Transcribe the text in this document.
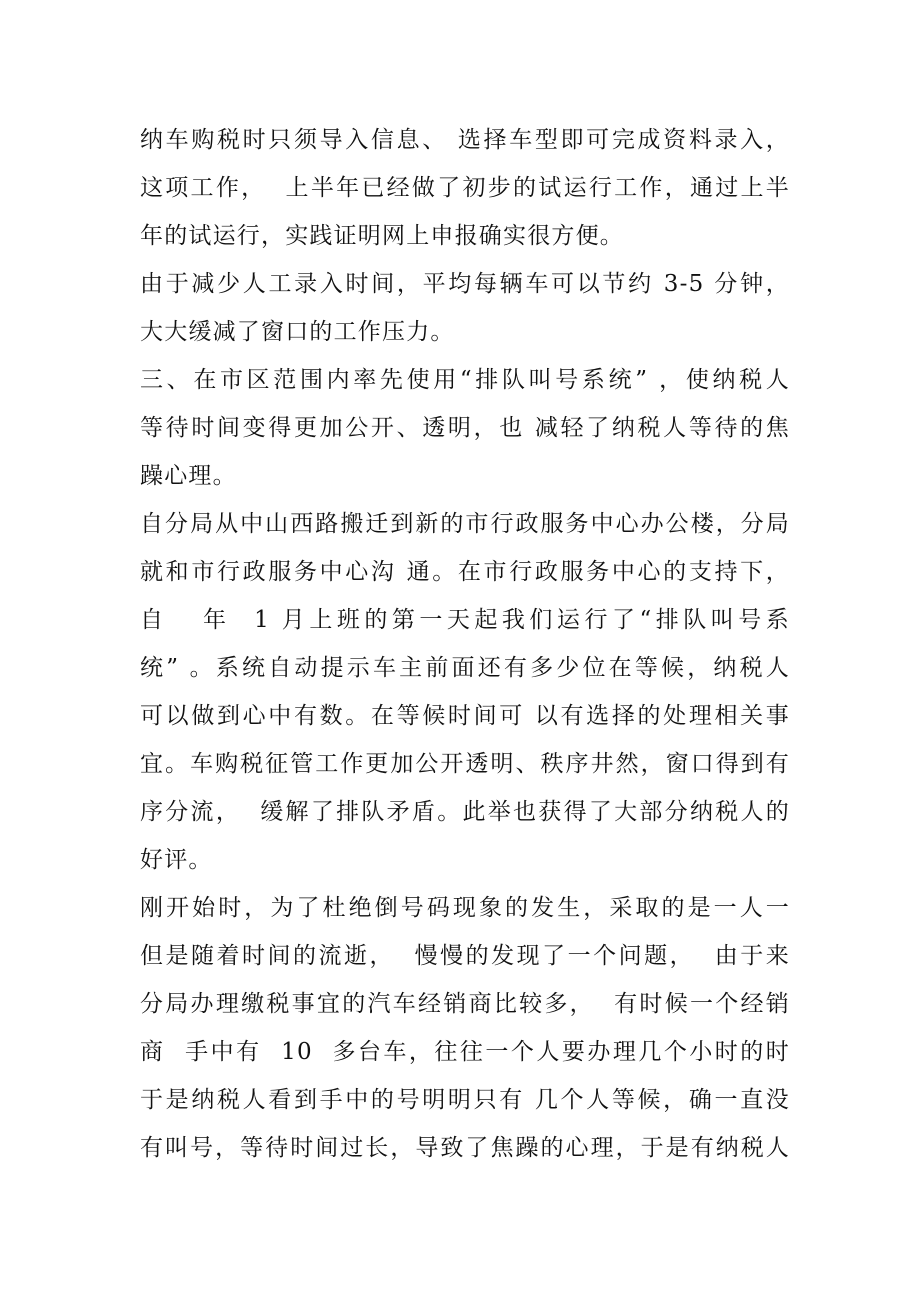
纳车购税时只须导入信息、 选择车型即可完成资料录入，
这项工作，  上半年已经做了初步的试运行工作，通过上半
年的试运行，实践证明网上申报确实很方便。
由于减少人工录入时间，平均每辆车可以节约 3-5 分钟，
大大缓减了窗口的工作压力。
三、在市区范围内率先使用“排队叫号系统” ，使纳税人
等待时间变得更加公开、透明，也 减轻了纳税人等待的焦
躁心理。
自分局从中山西路搬迁到新的市行政服务中心办公楼，分局
就和市行政服务中心沟 通。在市行政服务中心的支持下，
自   年  1 月上班的第一天起我们运行了“排队叫号系
统” 。系统自动提示车主前面还有多少位在等候，纳税人
可以做到心中有数。在等候时间可 以有选择的处理相关事
宜。车购税征管工作更加公开透明、秩序井然，窗口得到有
序分流，  缓解了排队矛盾。此举也获得了大部分纳税人的
好评。
刚开始时，为了杜绝倒号码现象的发生，采取的是一人一
但是随着时间的流逝，  慢慢的发现了一个问题，  由于来
分局办理缴税事宜的汽车经销商比较多，  有时候一个经销
商  手中有  10  多台车，往往一个人要办理几个小时的时
于是纳税人看到手中的号明明只有 几个人等候，确一直没
有叫号，等待时间过长，导致了焦躁的心理，于是有纳税人
